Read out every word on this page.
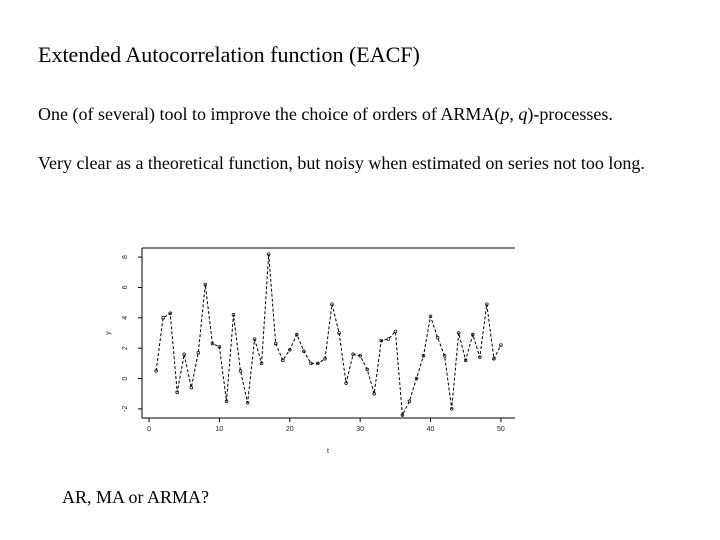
Extended Autocorrelation function (EACF)
One (of several) tool to improve the choice of orders of ARMA(p, q)-processes.
Very clear as a theoretical function, but noisy when estimated on series not too long.
0	10	20	30	40	50
-2
0
2
4
6
8
t
y
AR, MA or ARMA?
